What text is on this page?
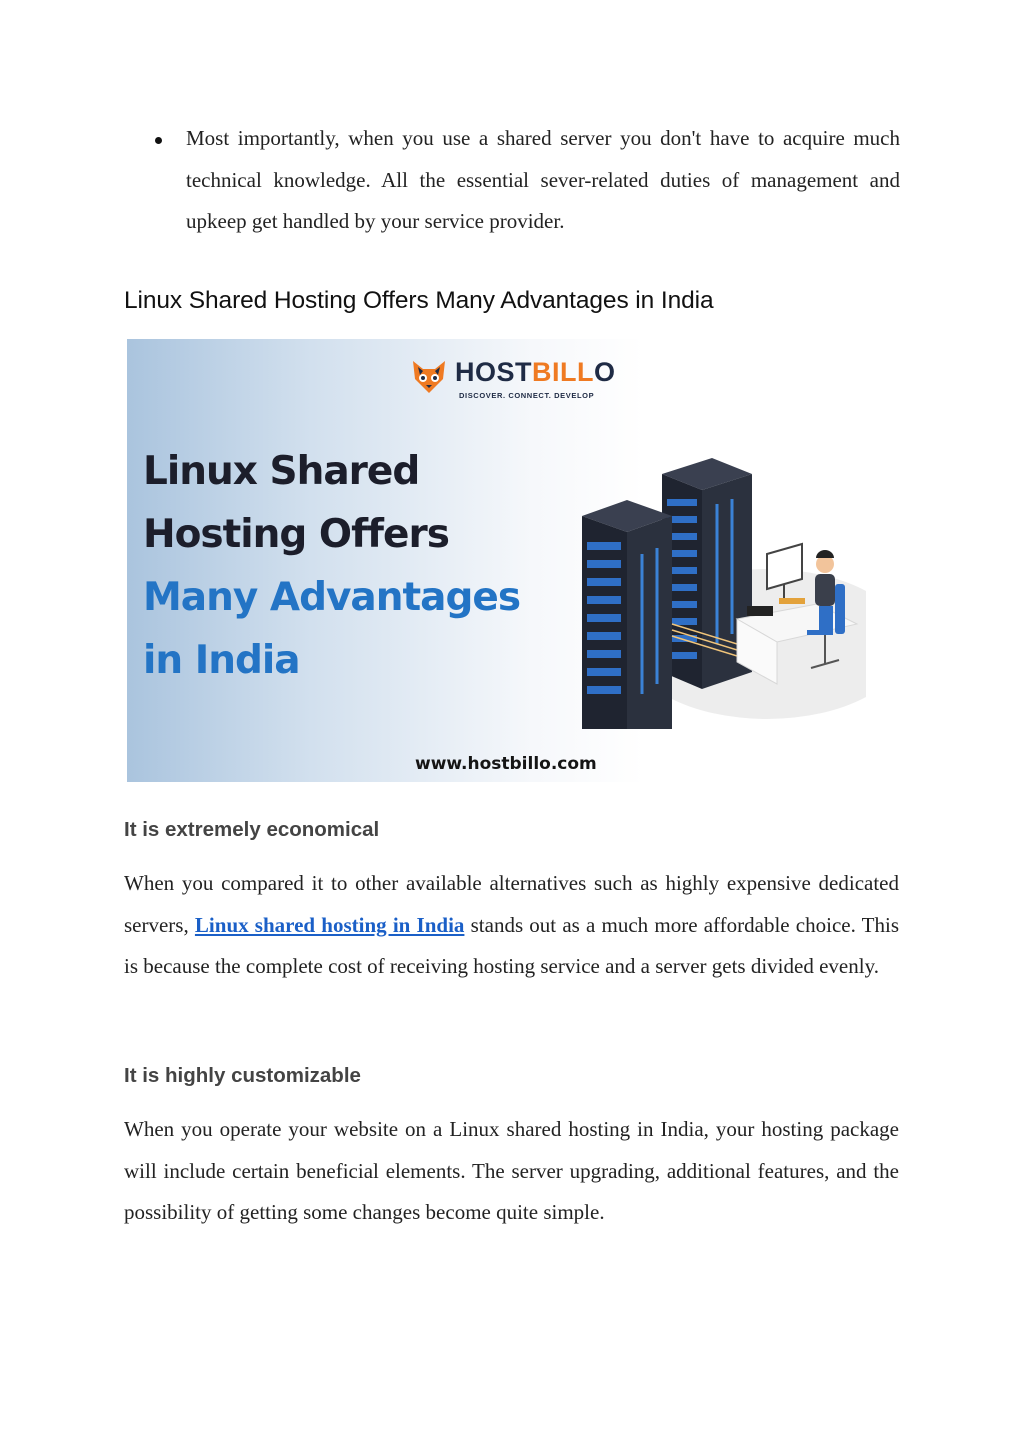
Most importantly, when you use a shared server you don't have to acquire much technical knowledge. All the essential sever-related duties of management and upkeep get handled by your service provider.

Linux Shared Hosting Offers Many Advantages in India
HOSTBILLO
DISCOVER. CONNECT. DEVELOP
Linux Shared
Hosting Offers
Many Advantages
in India
www.hostbillo.com
It is extremely economical

When you compared it to other available alternatives such as highly expensive dedicated servers, Linux shared hosting in India stands out as a much more affordable choice. This is because the complete cost of receiving hosting service and a server gets divided evenly.

It is highly customizable

When you operate your website on a Linux shared hosting in India, your hosting package will include certain beneficial elements. The server upgrading, additional features, and the possibility of getting some changes become quite simple.
